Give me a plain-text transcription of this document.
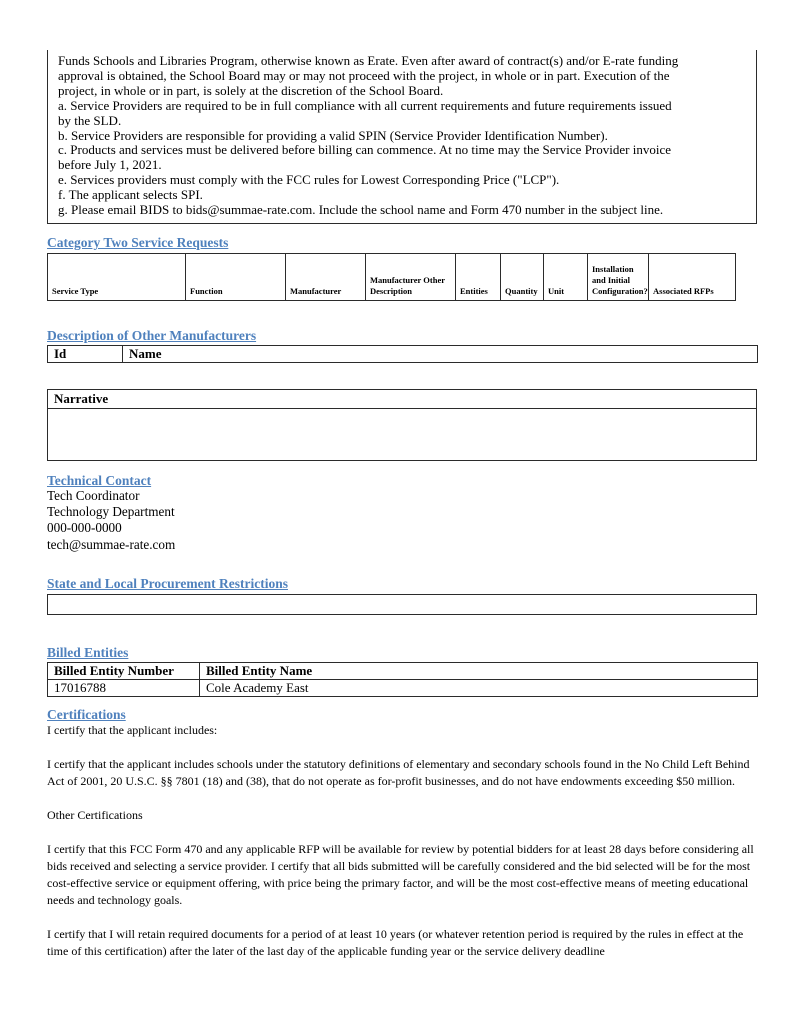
Funds Schools and Libraries Program, otherwise known as Erate. Even after award of contract(s) and/or E-rate funding
approval is obtained, the School Board may or may not proceed with the project, in whole or in part. Execution of the
project, in whole or in part, is solely at the discretion of the School Board.
a. Service Providers are required to be in full compliance with all current requirements and future requirements issued
by the SLD.
b. Service Providers are responsible for providing a valid SPIN (Service Provider Identification Number).
c. Products and services must be delivered before billing can commence. At no time may the Service Provider invoice
before July 1, 2021.
e. Services providers must comply with the FCC rules for Lowest Corresponding Price ("LCP").
f. The applicant selects SPI.
g. Please email BIDS to bids@summae-rate.com. Include the school name and Form 470 number in the subject line.
Category Two Service Requests
Service Type	Function	Manufacturer	Manufacturer Other Description	Entities	Quantity	Unit	Installation and Initial Configuration?	Associated RFPs
Description of Other Manufacturers
Id	Name
Narrative
Technical Contact
Tech Coordinator
Technology Department
000-000-0000
tech@summae-rate.com
State and Local Procurement Restrictions
Billed Entities
Billed Entity Number	Billed Entity Name
17016788	Cole Academy East
Certifications
I certify that the applicant includes:
I certify that the applicant includes schools under the statutory definitions of elementary and secondary schools found in the No Child Left Behind Act of 2001, 20 U.S.C. §§ 7801 (18) and (38), that do not operate as for-profit businesses, and do not have endowments exceeding $50 million.
Other Certifications
I certify that this FCC Form 470 and any applicable RFP will be available for review by potential bidders for at least 28 days before considering all bids received and selecting a service provider. I certify that all bids submitted will be carefully considered and the bid selected will be for the most cost-effective service or equipment offering, with price being the primary factor, and will be the most cost-effective means of meeting educational needs and technology goals.
I certify that I will retain required documents for a period of at least 10 years (or whatever retention period is required by the rules in effect at the time of this certification) after the later of the last day of the applicable funding year or the service delivery deadline
